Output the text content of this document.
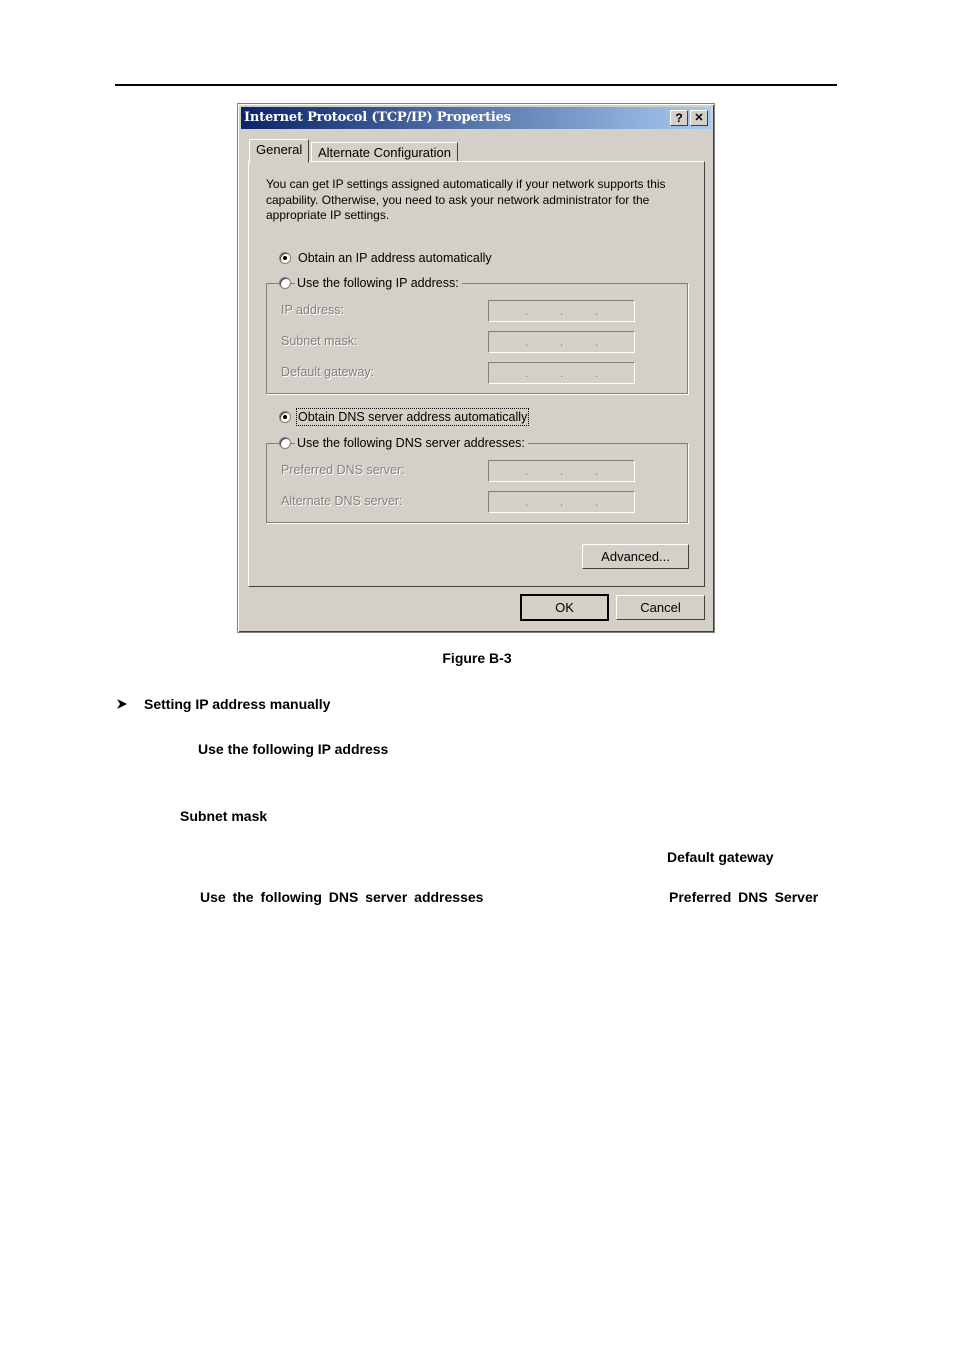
Internet Protocol (TCP/IP) Properties	?	✕
General	Alternate Configuration
You can get IP settings assigned automatically if your network supports this capability. Otherwise, you need to ask your network administrator for the appropriate IP settings.
Obtain an IP address automatically
Use the following IP address:
IP address:	.	.	.
Subnet mask:	.	.	.
Default gateway:	.	.	.
Obtain DNS server address automatically
Use the following DNS server addresses:
Preferred DNS server:	.	.	.
Alternate DNS server:	.	.	.
Advanced...
OK	Cancel
Figure B-3
Setting IP address manually
Use the following IP address
Subnet mask
Default gateway
Use the following DNS server addresses	Preferred DNS Server
